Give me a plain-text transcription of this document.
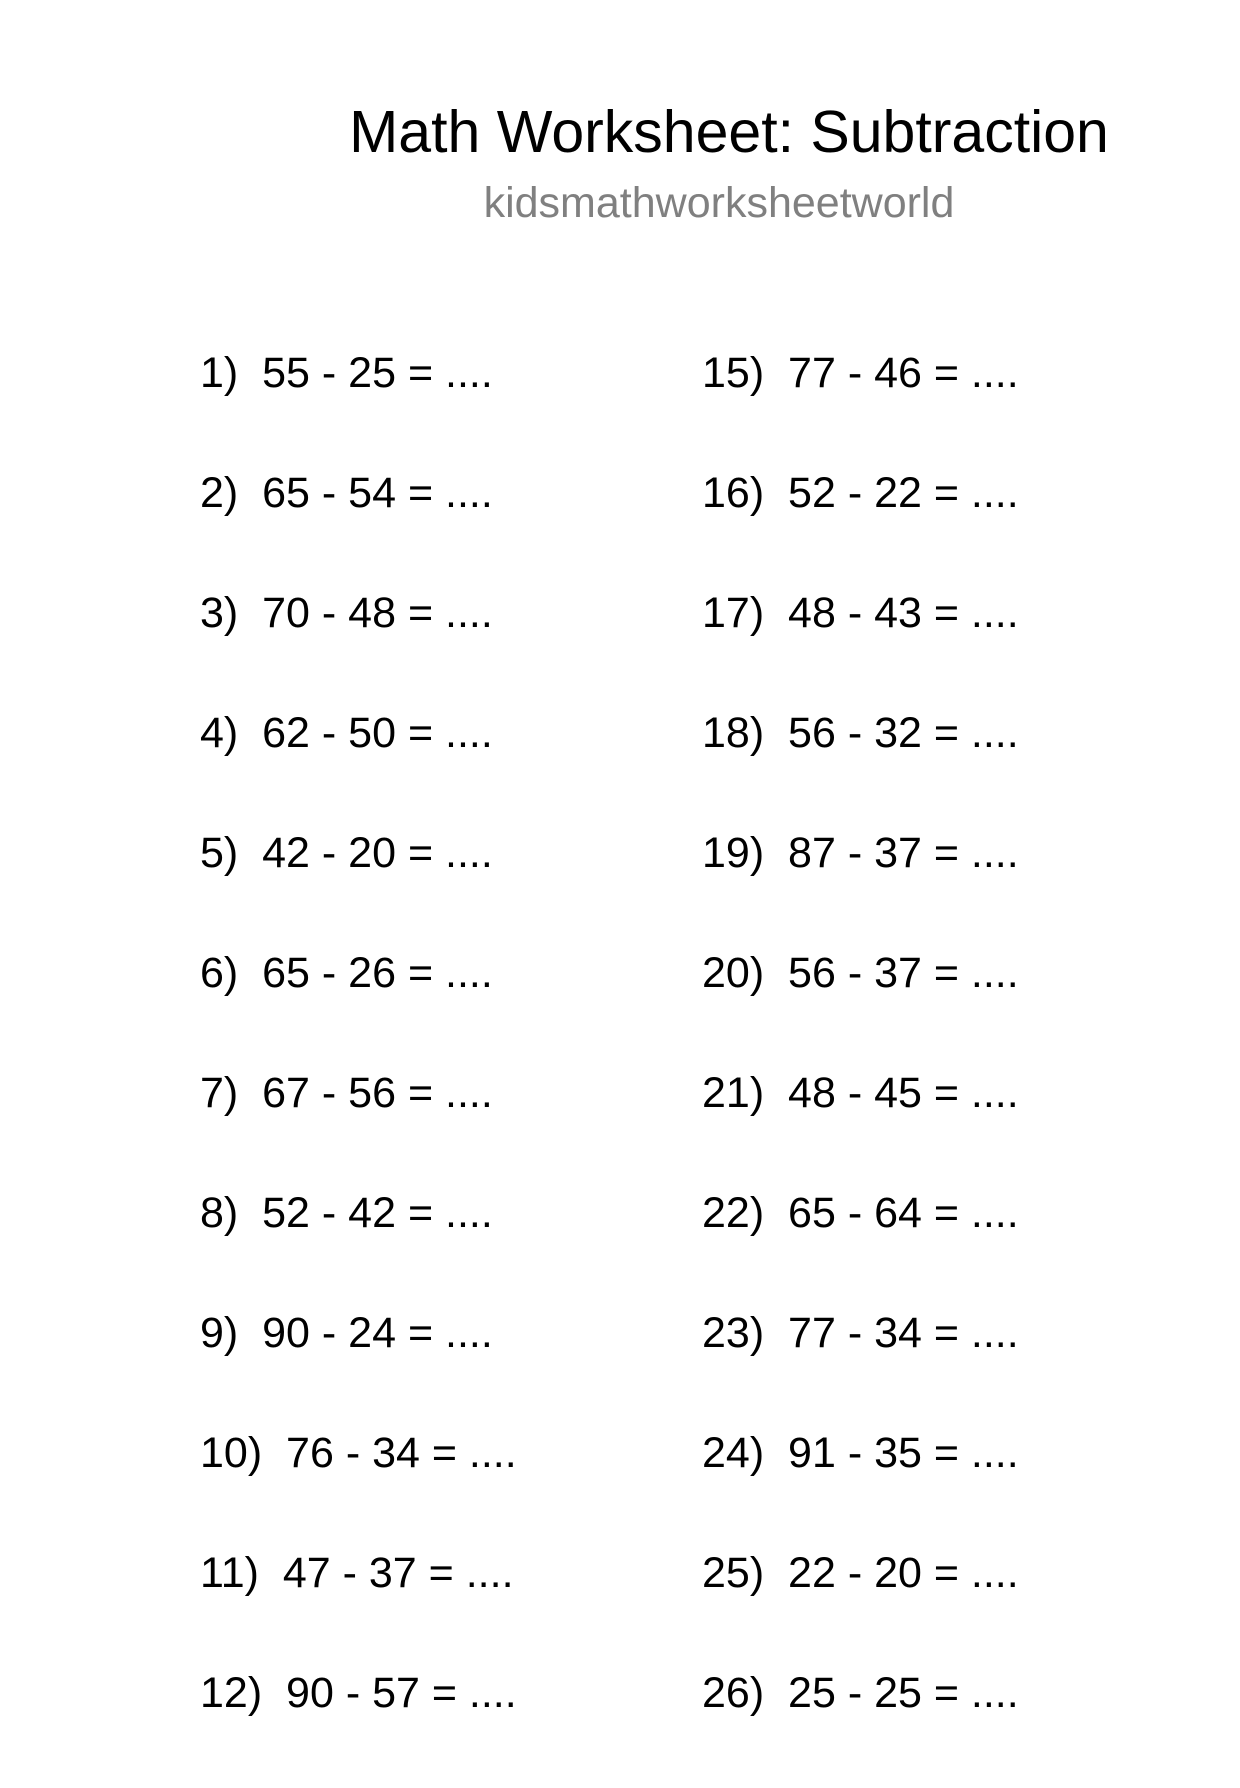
Math Worksheet: Subtraction
kidsmathworksheetworld
1)  55 - 25 = ....
2)  65 - 54 = ....
3)  70 - 48 = ....
4)  62 - 50 = ....
5)  42 - 20 = ....
6)  65 - 26 = ....
7)  67 - 56 = ....
8)  52 - 42 = ....
9)  90 - 24 = ....
10)  76 - 34 = ....
11)  47 - 37 = ....
12)  90 - 57 = ....
15)  77 - 46 = ....
16)  52 - 22 = ....
17)  48 - 43 = ....
18)  56 - 32 = ....
19)  87 - 37 = ....
20)  56 - 37 = ....
21)  48 - 45 = ....
22)  65 - 64 = ....
23)  77 - 34 = ....
24)  91 - 35 = ....
25)  22 - 20 = ....
26)  25 - 25 = ....
